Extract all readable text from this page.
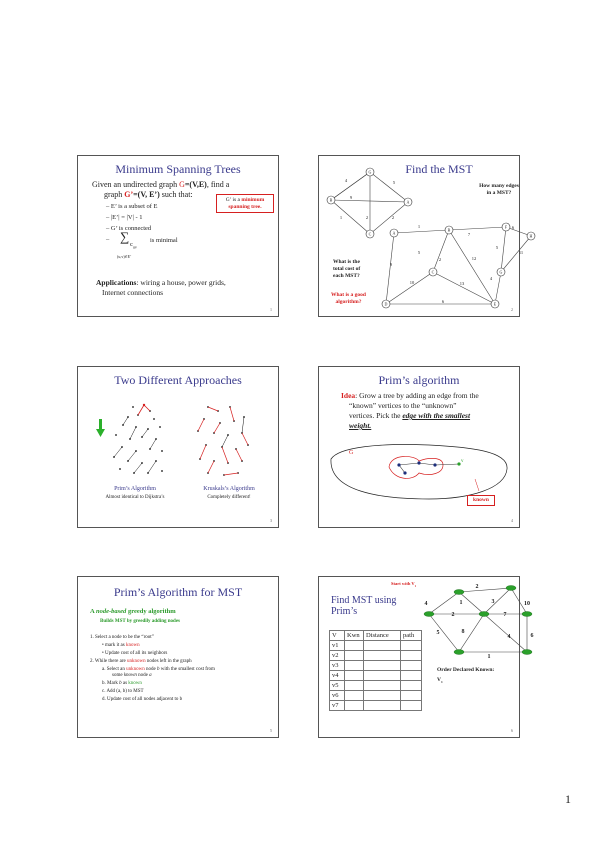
Minimum Spanning Trees
Given an undirected graph G=(V,E), find a
graph G’=(V, E’) such that:
– E’ is a subset of E
– |E’| = |V| - 1
– G’ is connected
– ∑
$c_{uv}$
(u,v)∈E’
is minimal
G’ is a minimum spanning tree.
Applications: wiring a house, power grids,
Internet connections
1
Find the MST
G
B	A
C	A
B
F
H
G
D	E
C
4	5
9
2
1	2
1
7
6
5
11
2	12
9
5
4
13
10
6
How many edges in a MST?
What is the
total cost of
each MST?
What is a good
algorithm?
2
Two Different Approaches
Prim’s Algorithm
Almost identical to Dijkstra’s
Kruskals’s Algorithm
Completely different!
3
Prim’s algorithm
Idea: Grow a tree by adding an edge from the
“known” vertices to the “unknown”
vertices. Pick the edge with the smallest
weight.
G
v
known
4
Prim’s Algorithm for MST
A node-based greedy algorithm
Builds MST by greedily adding nodes
1. Select a node to be the “root”
• mark it as known
• Update cost of all its neighbors
2. While there are unknown nodes left in the graph
a. Select an unknown node b with the smallest cost from
some known node a
b. Mark b as known
c. Add (a, b) to MST
d. Update cost of all nodes adjacent to b
5
Find MST using
Prim’s
Start with $V_1$	2
4	1	3	10
2	7
5	8
4	6
1
V	Kwn	Distance	path
v1			
v2			
v3			
v4			
v5			
v6			
v7			
Order Declared Known:
$V_1$
6
1
